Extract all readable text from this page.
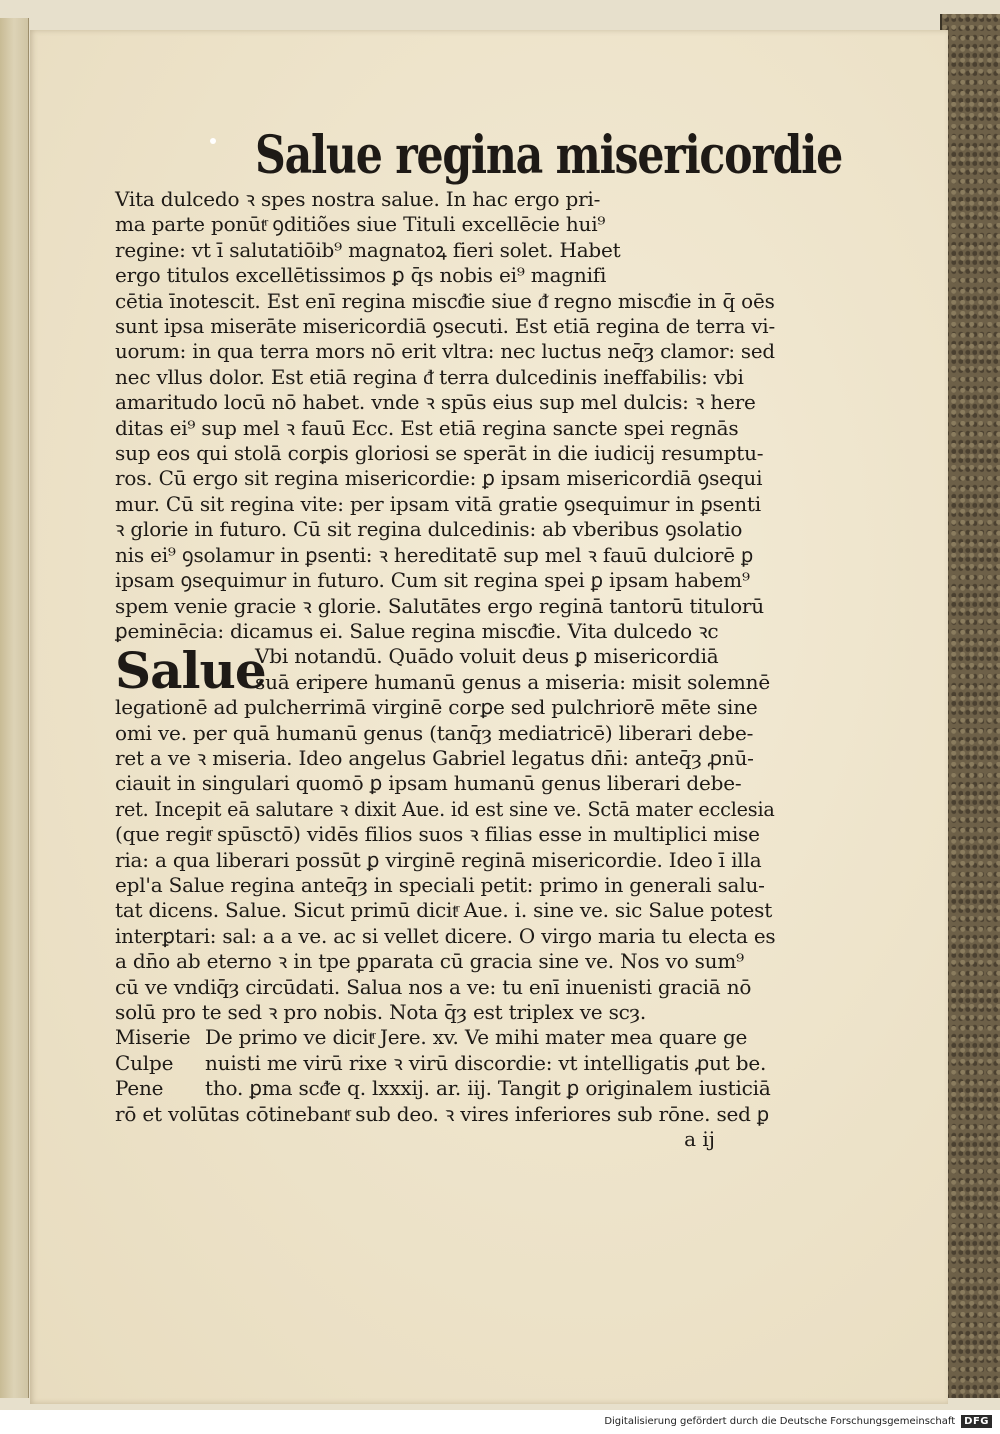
Salue regina misericordie
Vita dulcedo ꝛ spes nostra salue. In hac ergo pri-
ma parte ponūtͬ ꝯditiões siue Tituli excellēcie hui⁹
regine: vt ī salutatiōib⁹ magnatoꝝ fieri solet. Habet
ergo titulos excellētissimos ꝑ q̄s nobis ei⁹ magnifi
cētia īnotescit. Est enī regina miscᵭie siue ᵭ regno miscᵭie in q̄ oēs
sunt ipsa miserāte misericordiā ꝯsecuti. Est etiā regina de terra vi-
uorum: in qua terra mors nō erit vltra: nec luctus neq̄ȝ clamor: sed
nec vllus dolor. Est etiā regina ᵭ terra dulcedinis ineffabilis: vbi
amaritudo locū nō habet. vnde ꝛ spūs eius sup mel dulcis: ꝛ here
ditas ei⁹ sup mel ꝛ fauū Ecc. Est etiā regina sancte spei regnās
sup eos qui stolā corꝑis gloriosi se sperāt in die iudicij resumptu-
ros. Cū ergo sit regina misericordie: ꝑ ipsam misericordiā ꝯsequi
mur. Cū sit regina vite: per ipsam vitā gratie ꝯsequimur in ꝑsenti
ꝛ glorie in futuro. Cū sit regina dulcedinis: ab vberibus ꝯsolatio
nis ei⁹ ꝯsolamur in ꝑsenti: ꝛ hereditatē sup mel ꝛ fauū dulciorē ꝑ
ipsam ꝯsequimur in futuro. Cum sit regina spei ꝑ ipsam habem⁹
spem venie gracie ꝛ glorie. Salutātes ergo reginā tantorū titulorū
ꝑeminēcia: dicamus ei. Salue regina miscᵭie. Vita dulcedo ꝛc
Salue
Vbi notandū. Quādo voluit deus ꝑ misericordiā
suā eripere humanū genus a miseria: misit solemnē
legationē ad pulcherrimā virginē corꝑe sed pulchriorē mēte sine
omi ve. per quā humanū genus (tanq̄ȝ mediatricē) liberari debe-
ret a ve ꝛ miseria. Ideo angelus Gabriel legatus dn̄i: anteq̄ȝ ꝓnū-
ciauit in singulari quomō ꝑ ipsam humanū genus liberari debe-
ret. Incepit eā salutare ꝛ dixit Aue. id est sine ve. Sctā mater ecclesia
(que regitͬ spūsctō) vidēs filios suos ꝛ filias esse in multiplici mise
ria: a qua liberari possūt ꝑ virginē reginā misericordie. Ideo ī illa
epl'a Salue regina anteq̄ȝ in speciali petit: primo in generali salu-
tat dicens. Salue. Sicut primū dicitͬ Aue. i. sine ve. sic Salue potest
interꝑtari: sal: a a ve. ac si vellet dicere. O virgo maria tu electa es
a dn̄o ab eterno ꝛ in tpe ꝑparata cū gracia sine ve. Nos vo sum⁹
cū ve vndiq̄ȝ circūdati. Salua nos a ve: tu enī inuenisti graciā nō
solū pro te sed ꝛ pro nobis. Nota q̄ȝ est triplex ve scȝ.
Miserie De primo ve dicitͬ Jere. xv. Ve mihi mater mea quare ge
Culpe nuisti me virū rixe ꝛ virū discordie: vt intelligatis ꝓut be.
Pene tho. ꝑma scᵭe q. lxxxij. ar. iij. Tangit ꝑ originalem iusticiā
rō et volūtas cōtinebantͬ sub deo. ꝛ vires inferiores sub rōne. sed ꝑ
a ij
Digitalisierung gefördert durch die Deutsche Forschungsgemeinschaft DFG
